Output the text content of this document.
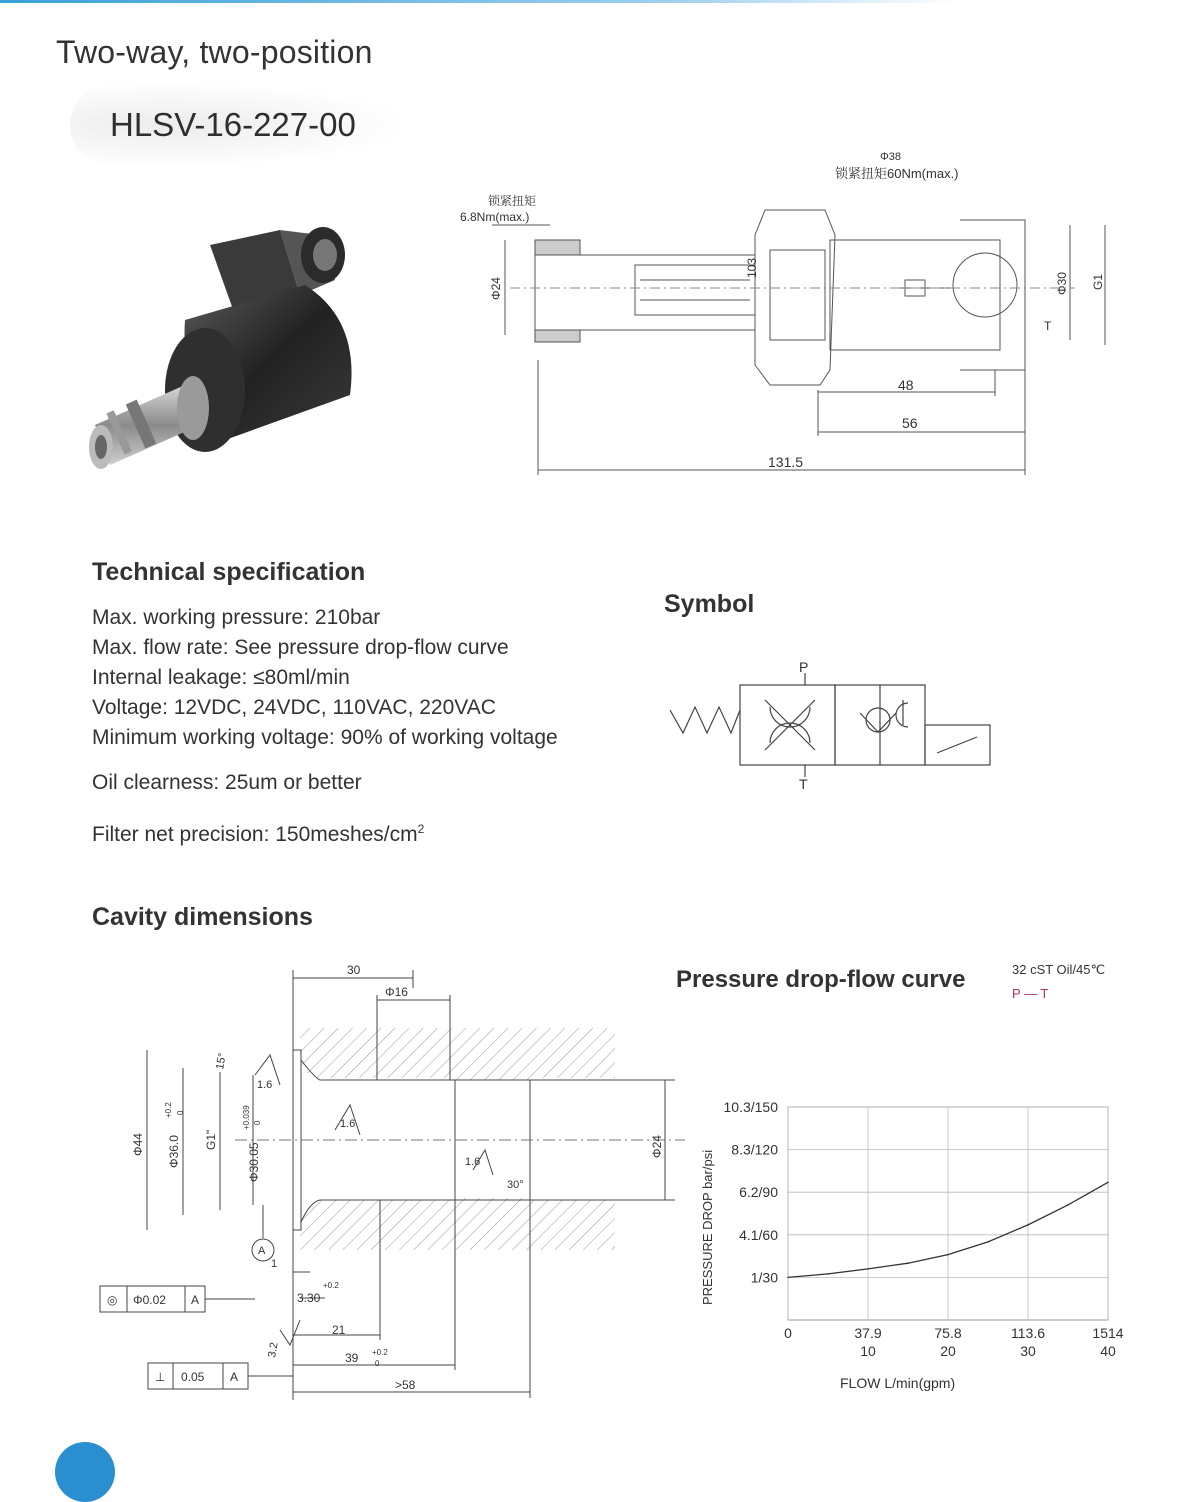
Two-way, two-position
HLSV-16-227-00
锁紧扭矩
6.8Nm(max.)
Φ38
锁紧扭矩60Nm(max.)
Φ24
103
Φ30 G1
T
48
56
131.5
Technical specification
Max. working pressure: 210bar
Max. flow rate: See pressure drop-flow curve
Internal leakage: ≤80ml/min
Voltage: 12VDC, 24VDC, 110VAC, 220VAC
Minimum working voltage: 90% of working voltage
Oil clearness: 25um or better
Filter net precision: $150meshes/cm^2$
Symbol
P
T
Cavity dimensions
30
Φ16
15°
1.6
1.6
1.6
30°
Φ44 Φ36.0
+0.2 0
G1"
Φ30.05
+0.039 0
Φ24
A
1
3.30
+0.2
21
3.2	39 +0.2
0
>58
◎ Φ0.02 A
⊥ 0.05 A
Pressure drop-flow curve	32 cST Oil/45℃
P — T
1/30
4.1/60
6.2/90
8.3/120
10.3/150
0	37.9
10
75.8
20
113.6
30
1514
40
PRESSURE DROP bar/psi
FLOW L/min(gpm)
